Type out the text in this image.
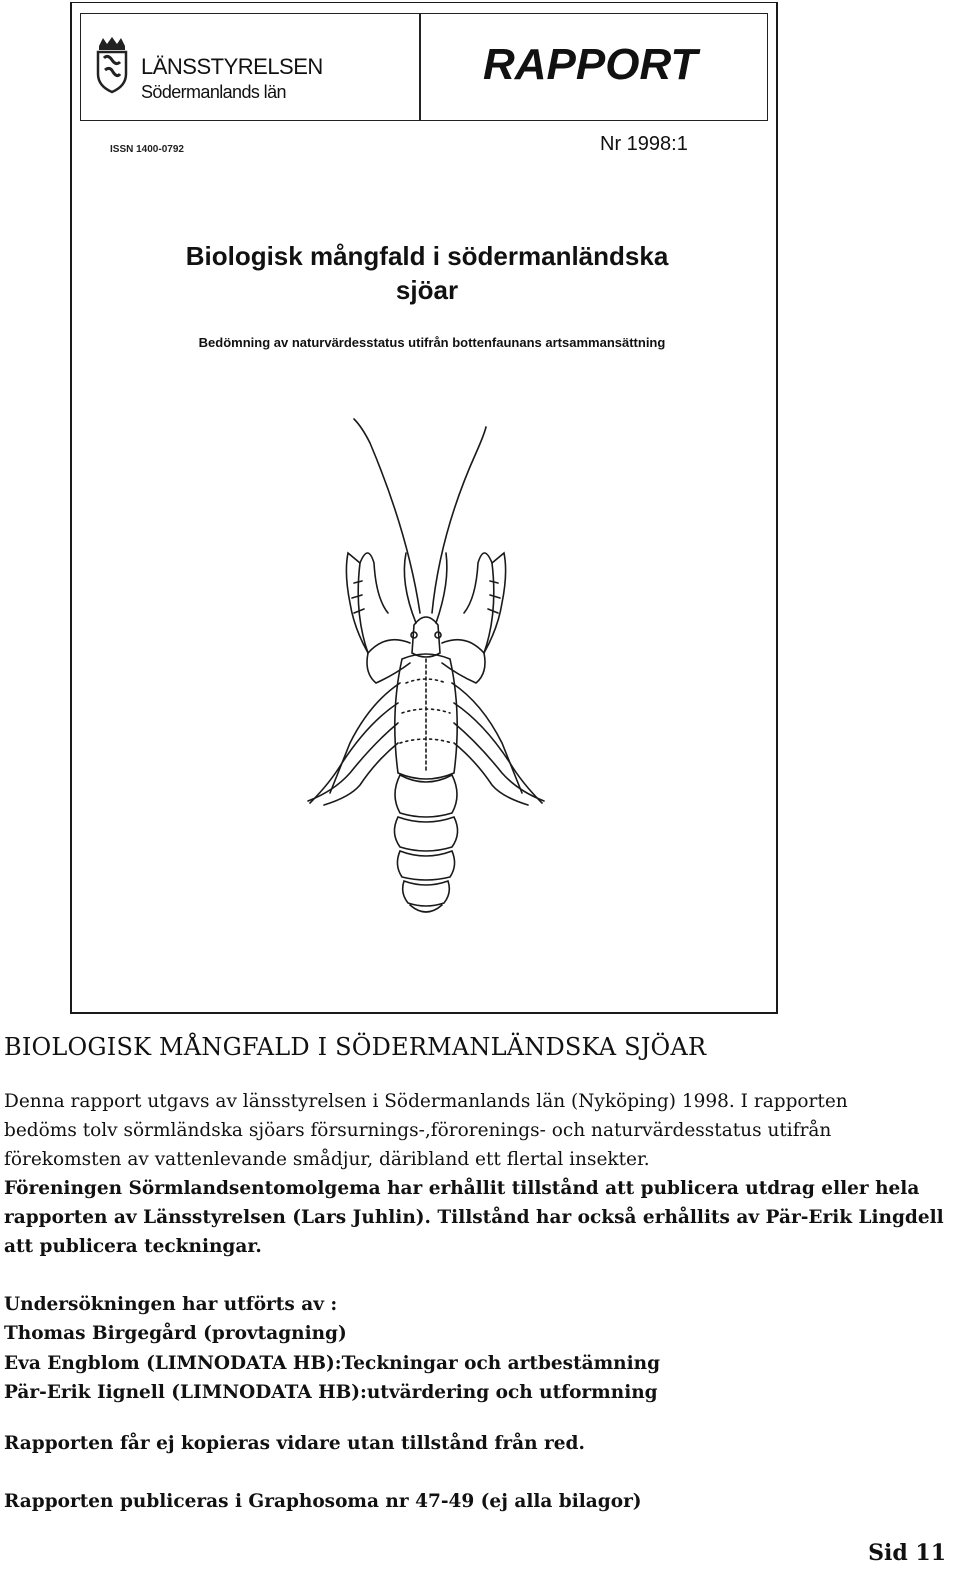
LÄNSSTYRELSEN
Södermanlands län
RAPPORT
ISSN 1400-0792	Nr 1998:1
Biologisk mångfald i södermanländska
sjöar
Bedömning av naturvärdesstatus utifrån bottenfaunans artsammansättning
BIOLOGISK MÅNGFALD I SÖDERMANLÄNDSKA SJÖAR
Denna rapport utgavs av länsstyrelsen i Södermanlands län (Nyköping) 1998. I rapporten
bedöms tolv sörmländska sjöars försurnings-,förorenings- och naturvärdesstatus utifrån
förekomsten av vattenlevande smådjur, däribland ett flertal insekter.
Föreningen Sörmlandsentomolgema har erhållit tillstånd att publicera utdrag eller hela
rapporten av Länsstyrelsen (Lars Juhlin). Tillstånd har också erhållits av Pär-Erik Lingdell
att publicera teckningar.
Undersökningen har utförts av :
Thomas Birgegård (provtagning)
Eva Engblom (LIMNODATA HB):Teckningar och artbestämning
Pär-Erik Iignell (LIMNODATA HB):utvärdering och utformning
Rapporten får ej kopieras vidare utan tillstånd från red.
Rapporten publiceras i Graphosoma nr 47-49 (ej alla bilagor)
Sid 11
